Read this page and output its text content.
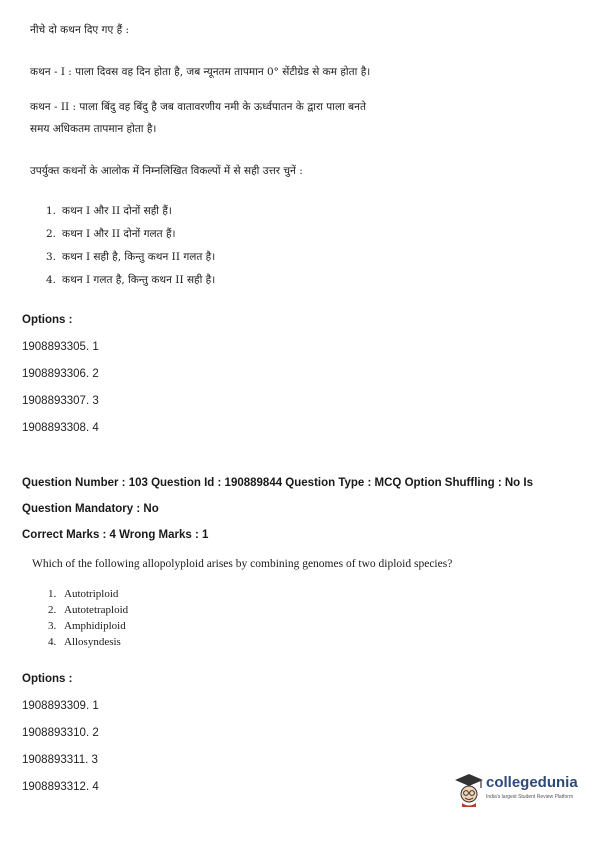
नीचे दो कथन दिए गए हैं :

कथन - I : पाला दिवस वह दिन होता है, जब न्यूनतम तापमान 0° सेंटीग्रेड से कम होता है।

कथन - II : पाला बिंदु वह बिंदु है जब वातावरणीय नमी के ऊर्ध्वपातन के द्वारा पाला बनते

समय अधिकतम तापमान होता है।

उपर्युक्त कथनों के आलोक में निम्नलिखित विकल्पों में से सही उत्तर चुनें :

1. कथन I और II दोनों सही हैं।
2. कथन I और II दोनों गलत हैं।
3. कथन I सही है, किन्तु कथन II गलत है।
4. कथन I गलत है, किन्तु कथन II सही है।
Options :
1908893305. 1
1908893306. 2
1908893307. 3
1908893308. 4
Question Number : 103 Question Id : 190889844 Question Type : MCQ Option Shuffling : No Is
Question Mandatory : No
Correct Marks : 4 Wrong Marks : 1
Which of the following allopolyploid arises by combining genomes of two diploid species?
1. Autotriploid
2. Autotetraploid
3. Amphidiploid
4. Allosyndesis
Options :
1908893309. 1
1908893310. 2
1908893311. 3
1908893312. 4	collegedunia
India's largest Student Review Platform
